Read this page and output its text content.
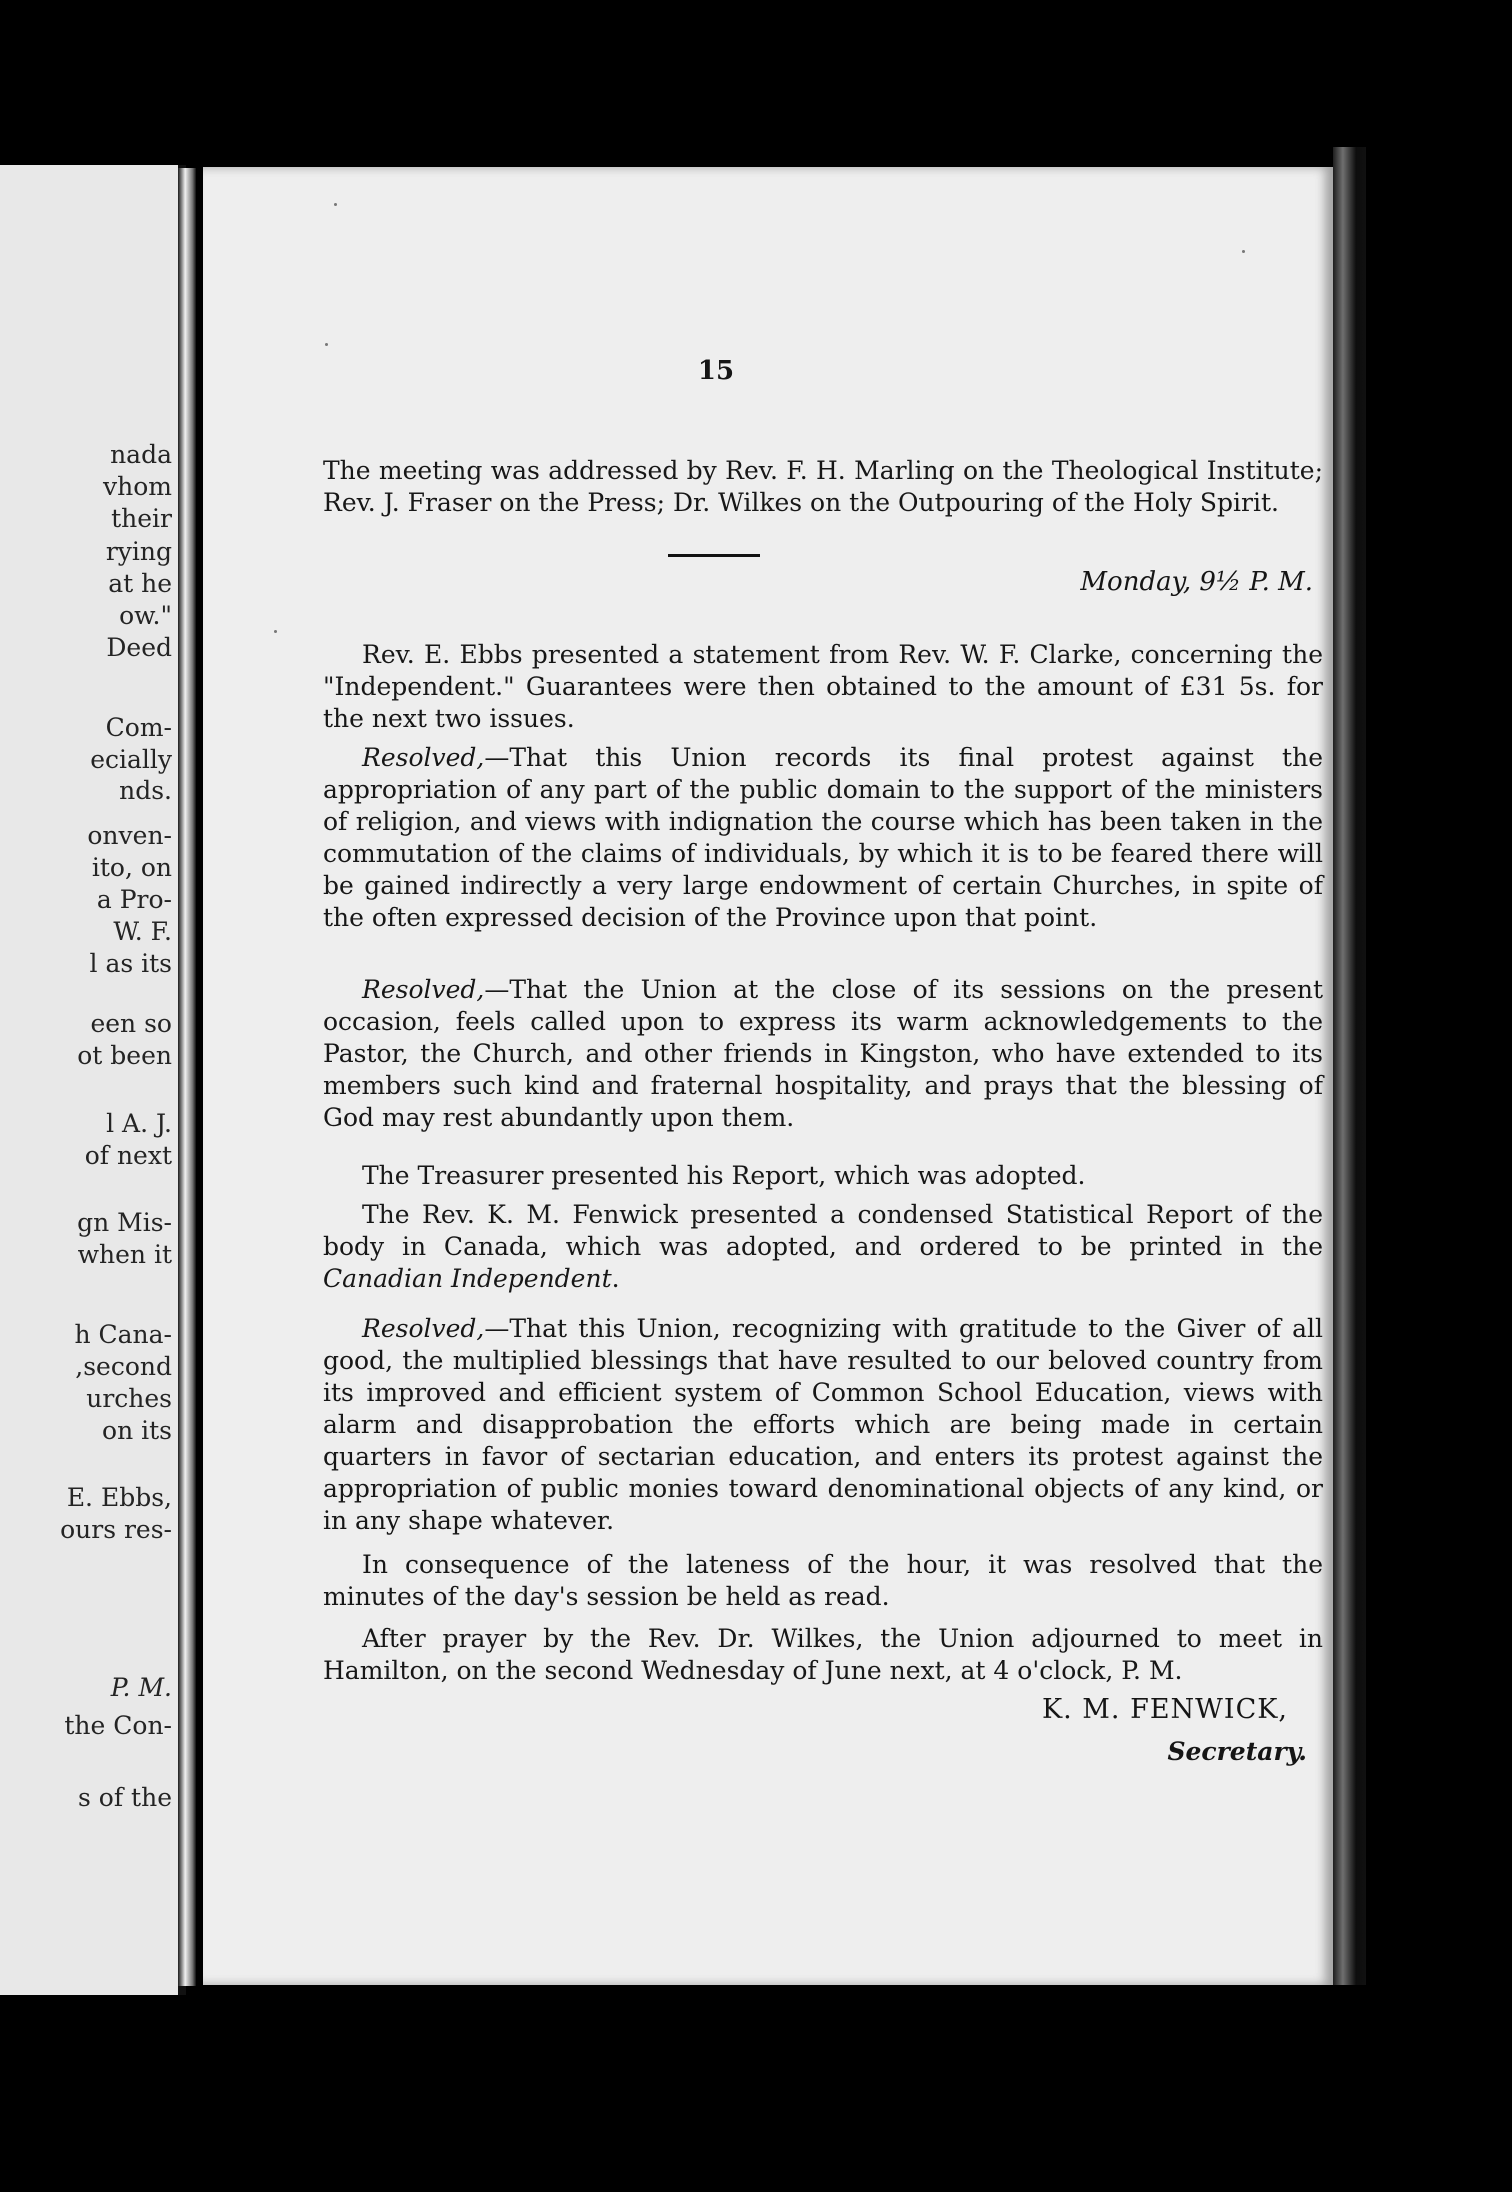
nada
vhom
their
rying
at he
ow."
Deed
Com-
ecially
nds.
onven-
ito, on
a Pro-
W. F.
l as its
een so
ot been
l A. J.
of next
gn Mis-
when it
h Cana-
,second
urches
on its
E. Ebbs,
ours res-
P. M.
the Con-
s of the
15

The meeting was addressed by Rev. F. H. Marling on the Theological Institute; Rev. J. Fraser on the Press; Dr. Wilkes on the Outpouring of the Holy Spirit.

Monday, 9½ P. M.

Rev. E. Ebbs presented a statement from Rev. W. F. Clarke, concerning the "Independent." Guarantees were then obtained to the amount of £31 5s. for the next two issues.

Resolved,—That this Union records its final protest against the appropriation of any part of the public domain to the support of the ministers of religion, and views with indignation the course which has been taken in the commutation of the claims of individuals, by which it is to be feared there will be gained indirectly a very large endowment of certain Churches, in spite of the often expressed decision of the Province upon that point.

Resolved,—That the Union at the close of its sessions on the present occasion, feels called upon to express its warm acknowledgements to the Pastor, the Church, and other friends in Kingston, who have extended to its members such kind and fraternal hospitality, and prays that the blessing of God may rest abundantly upon them.

The Treasurer presented his Report, which was adopted.

The Rev. K. M. Fenwick presented a condensed Statistical Report of the body in Canada, which was adopted, and ordered to be printed in the Canadian Independent.

Resolved,—That this Union, recognizing with gratitude to the Giver of all good, the multiplied blessings that have resulted to our beloved country from its improved and efficient system of Common School Education, views with alarm and disapprobation the efforts which are being made in certain quarters in favor of sectarian education, and enters its protest against the appropriation of public monies toward denominational objects of any kind, or in any shape whatever.

In consequence of the lateness of the hour, it was resolved that the minutes of the day's session be held as read.

After prayer by the Rev. Dr. Wilkes, the Union adjourned to meet in Hamilton, on the second Wednesday of June next, at 4 o'clock, P. M.

K. M. FENWICK,
Secretary.
